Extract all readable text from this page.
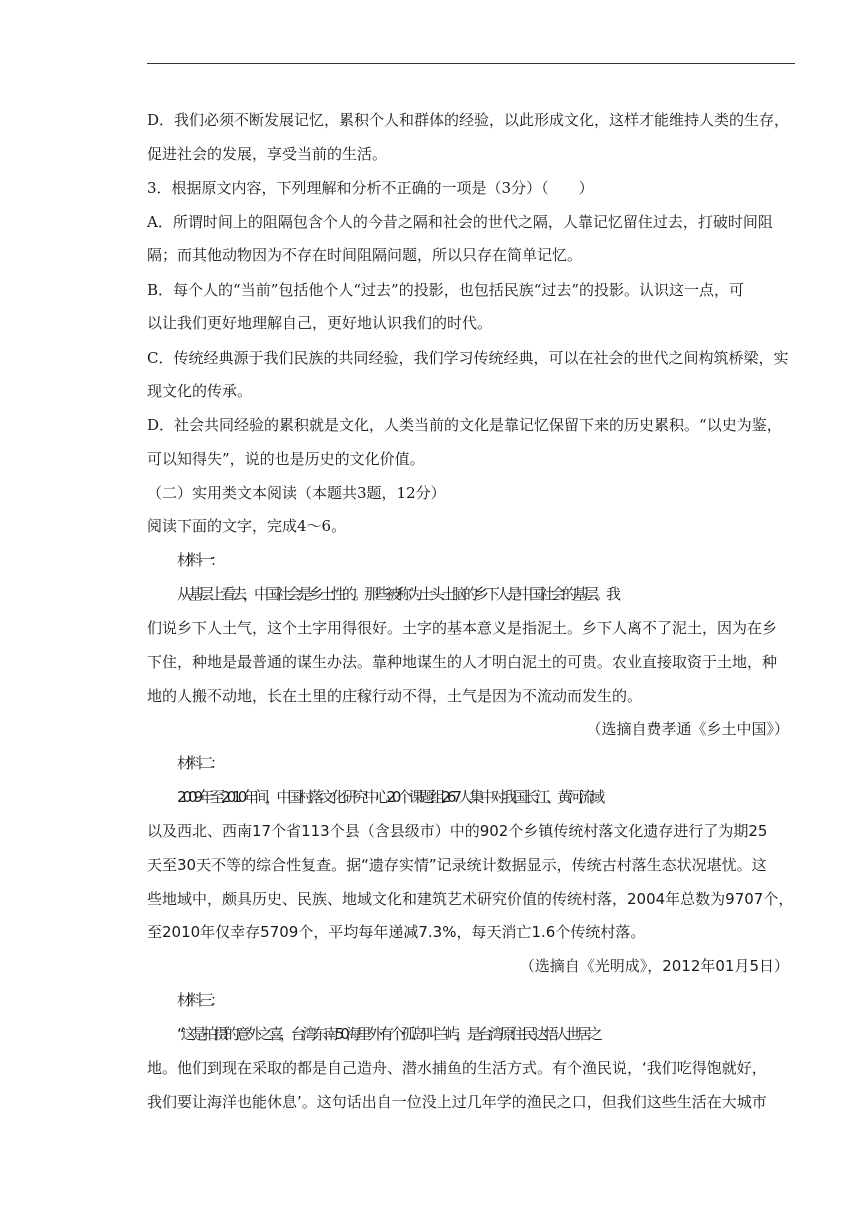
D．我们必须不断发展记忆，累积个人和群体的经验，以此形成文化，这样才能维持人类的生存，
促进社会的发展，享受当前的生活。
3．根据原文内容，下列理解和分析不正确的一项是（3分）（　　）
A．所谓时间上的阻隔包含个人的今昔之隔和社会的世代之隔，人靠记忆留住过去，打破时间阻
隔；而其他动物因为不存在时间阻隔问题，所以只存在简单记忆。
B．每个人的“当前”包括他个人“过去”的投影，也包括民族“过去”的投影。认识这一点，可
以让我们更好地理解自己，更好地认识我们的时代。
C．传统经典源于我们民族的共同经验，我们学习传统经典，可以在社会的世代之间构筑桥梁，实
现文化的传承。
D．社会共同经验的累积就是文化，人类当前的文化是靠记忆保留下来的历史累积。“以史为鉴，
可以知得失”，说的也是历史的文化价值。
（二）实用类文本阅读（本题共3题，12分）
阅读下面的文字，完成4～6。
材料一：
从基层上看去，中国社会是乡土性的。那些被称为土头土脑的乡下人是中国社会的基层。我
们说乡下人土气，这个土字用得很好。土字的基本意义是指泥土。乡下人离不了泥土，因为在乡
下住，种地是最普通的谋生办法。靠种地谋生的人才明白泥土的可贵。农业直接取资于土地，种
地的人搬不动地，长在土里的庄稼行动不得，土气是因为不流动而发生的。
（选摘自费孝通《乡土中国》）
材料二：
2009年至2010年间，中国村落文化研究中心20个课题组267人集中对我国长江、黄河流域
以及西北、西南17个省113个县（含县级市）中的902个乡镇传统村落文化遗存进行了为期25
天至30天不等的综合性复查。据“遗存实情”记录统计数据显示，传统古村落生态状况堪忧。这
些地域中，颇具历史、民族、地域文化和建筑艺术研究价值的传统村落，2004年总数为9707个，
至2010年仅幸存5709个，平均每年递减7.3%，每天消亡1.6个传统村落。
（选摘自《光明成》，2012年01月5日）
材料三：
“这是拍摄的意外之喜，台湾东南50海里外有个孤岛叫兰屿，是台湾原住民达悟人世居之
地。他们到现在采取的都是自己造舟、潜水捕鱼的生活方式。有个渔民说，‘我们吃得饱就好，
我们要让海洋也能休息’。这句话出自一位没上过几年学的渔民之口，但我们这些生活在大城市
